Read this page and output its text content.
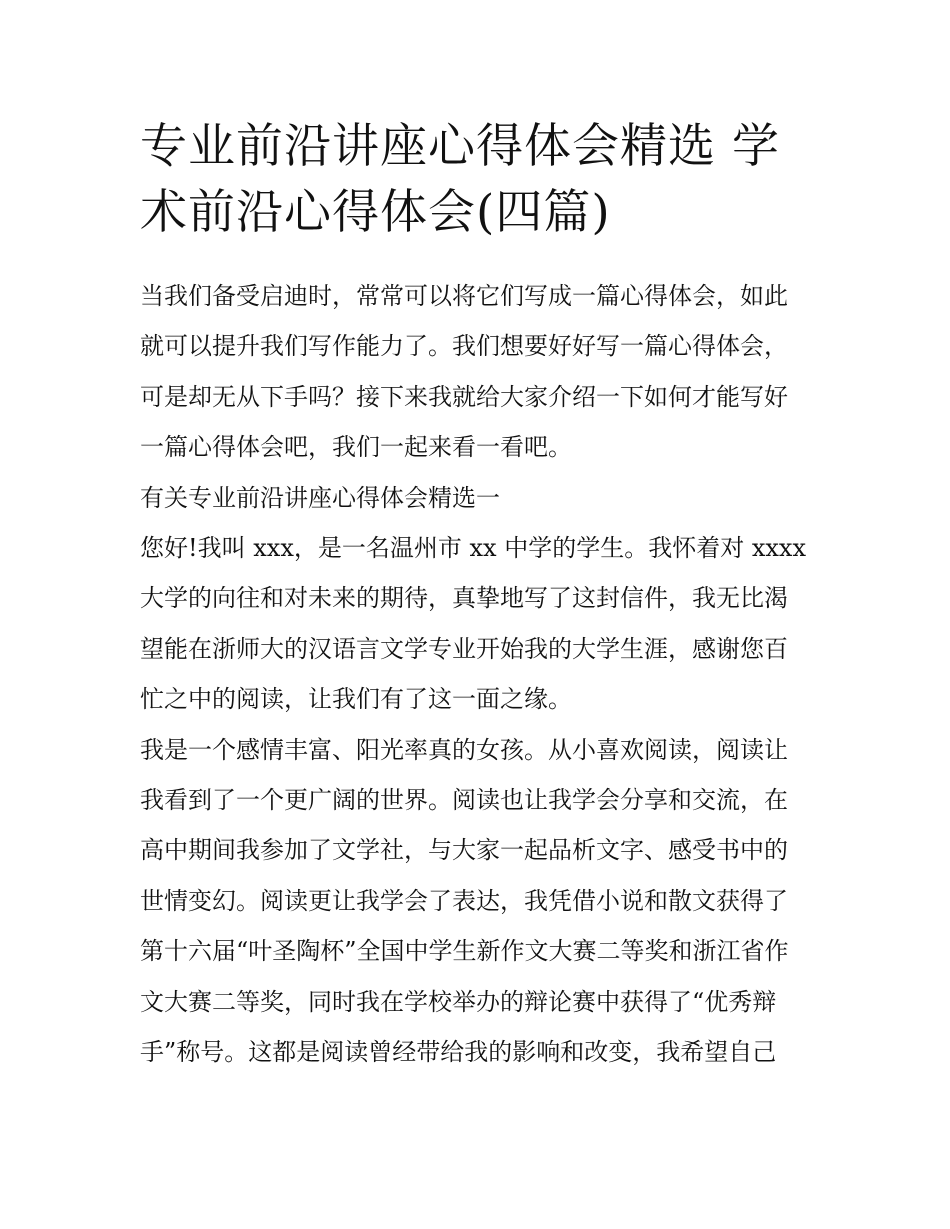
专业前沿讲座心得体会精选 学
术前沿心得体会(四篇)
当我们备受启迪时，常常可以将它们写成一篇心得体会，如此
就可以提升我们写作能力了。我们想要好好写一篇心得体会，
可是却无从下手吗？接下来我就给大家介绍一下如何才能写好
一篇心得体会吧，我们一起来看一看吧。
有关专业前沿讲座心得体会精选一
您好!我叫 xxx，是一名温州市 xx 中学的学生。我怀着对 xxxx
大学的向往和对未来的期待，真挚地写了这封信件，我无比渴
望能在浙师大的汉语言文学专业开始我的大学生涯，感谢您百
忙之中的阅读，让我们有了这一面之缘。
我是一个感情丰富、阳光率真的女孩。从小喜欢阅读，阅读让
我看到了一个更广阔的世界。阅读也让我学会分享和交流，在
高中期间我参加了文学社，与大家一起品析文字、感受书中的
世情变幻。阅读更让我学会了表达，我凭借小说和散文获得了
第十六届“叶圣陶杯”全国中学生新作文大赛二等奖和浙江省作
文大赛二等奖，同时我在学校举办的辩论赛中获得了“优秀辩
手”称号。这都是阅读曾经带给我的影响和改变，我希望自己
